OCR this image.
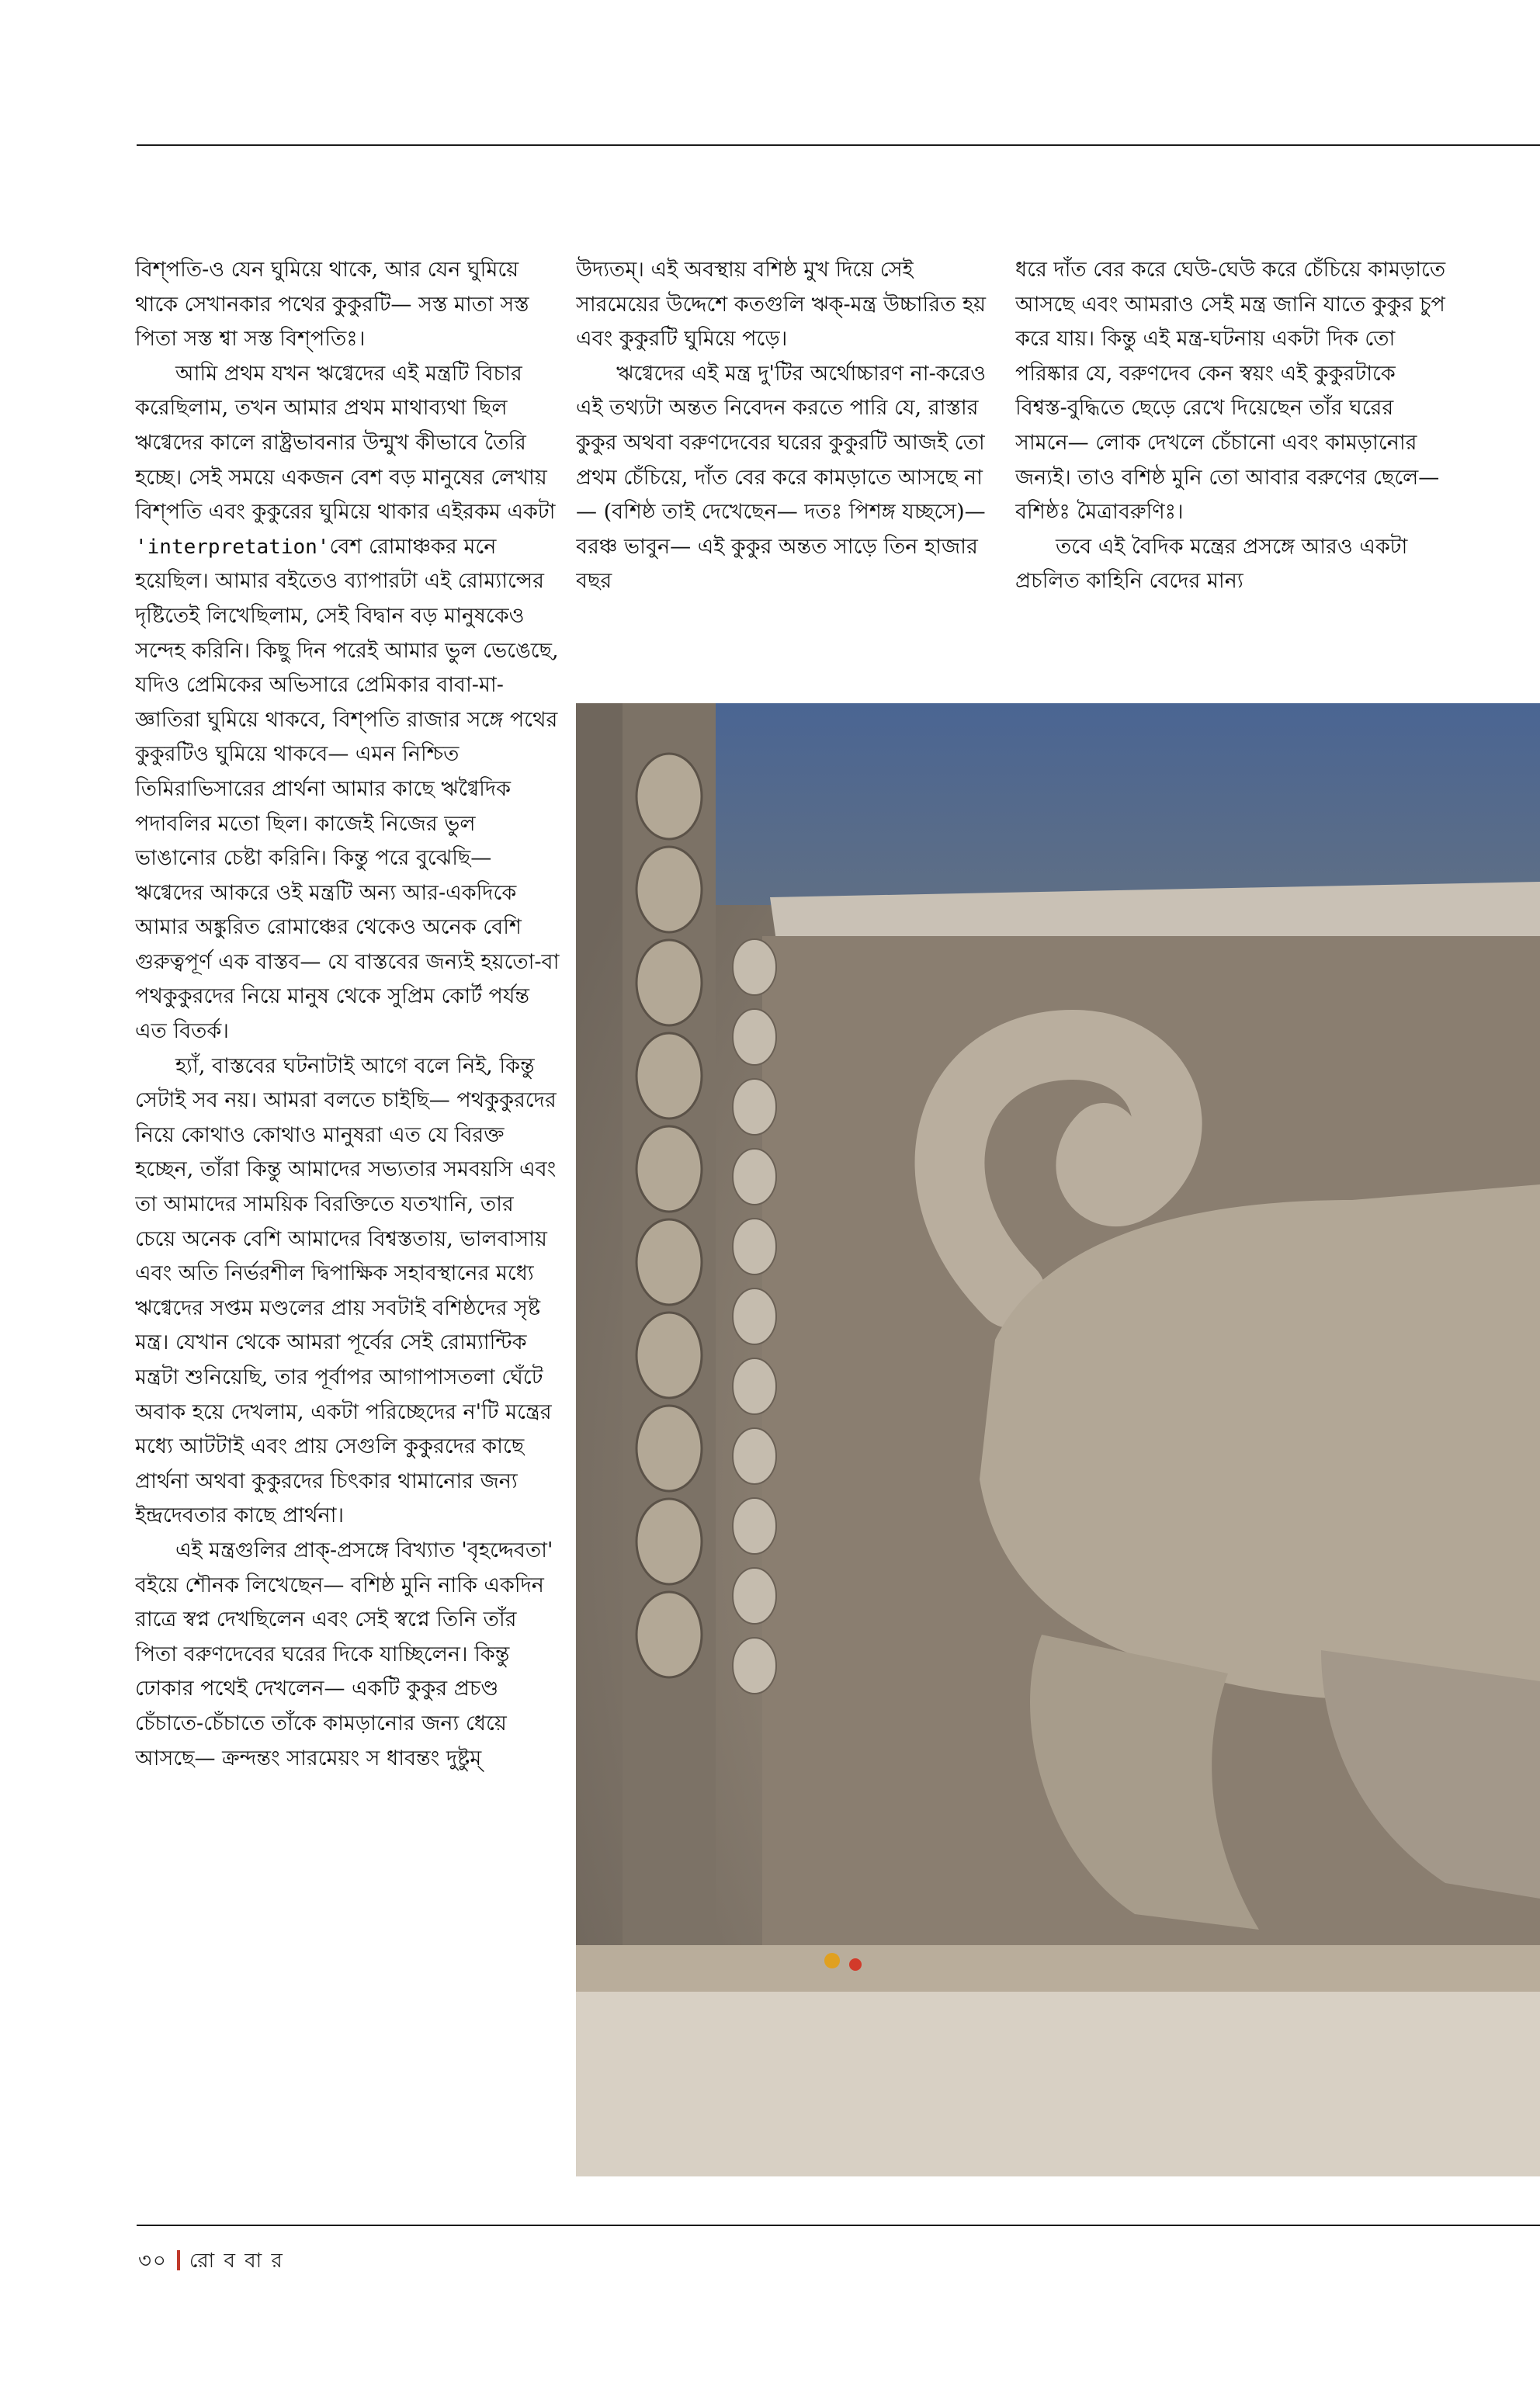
বিশ্পতি-ও যেন ঘুমিয়ে থাকে, আর যেন ঘুমিয়ে থাকে সেখানকার পথের কুকুরটি— সস্ত মাতা সস্ত পিতা সস্ত শ্বা সস্ত বিশ্পতিঃ।

আমি প্রথম যখন ঋগ্বেদের এই মন্ত্রটি বিচার করেছিলাম, তখন আমার প্রথম মাথাব্যথা ছিল ঋগ্বেদের কালে রাষ্ট্রভাবনার উন্মুখ কীভাবে তৈরি হচ্ছে। সেই সময়ে একজন বেশ বড় মানুষের লেখায় বিশ্পতি এবং কুকুরের ঘুমিয়ে থাকার এইরকম একটা 'interpretation'বেশ রোমাঞ্চকর মনে হয়েছিল। আমার বইতেও ব্যাপারটা এই রোম্যান্সের দৃষ্টিতেই লিখেছিলাম, সেই বিদ্বান বড় মানুষকেও সন্দেহ করিনি। কিছু দিন পরেই আমার ভুল ভেঙেছে, যদিও প্রেমিকের অভিসারে প্রেমিকার বাবা-মা-জ্ঞাতিরা ঘুমিয়ে থাকবে, বিশ্পতি রাজার সঙ্গে পথের কুকুরটিও ঘুমিয়ে থাকবে— এমন নিশ্চিত তিমিরাভিসারের প্রার্থনা আমার কাছে ঋগ্বৈদিক পদাবলির মতো ছিল। কাজেই নিজের ভুল ভাঙানোর চেষ্টা করিনি। কিন্তু পরে বুঝেছি— ঋগ্বেদের আকরে ওই মন্ত্রটি অন্য আর-একদিকে আমার অঙ্কুরিত রোমাঞ্চের থেকেও অনেক বেশি গুরুত্বপূর্ণ এক বাস্তব— যে বাস্তবের জন্যই হয়তো-বা পথকুকুরদের নিয়ে মানুষ থেকে সুপ্রিম কোর্ট পর্যন্ত এত বিতর্ক।

হ্যাঁ, বাস্তবের ঘটনাটাই আগে বলে নিই, কিন্তু সেটাই সব নয়। আমরা বলতে চাইছি— পথকুকুরদের নিয়ে কোথাও কোথাও মানুষরা এত যে বিরক্ত হচ্ছেন, তাঁরা কিন্তু আমাদের সভ্যতার সমবয়সি এবং তা আমাদের সাময়িক বিরক্তিতে যতখানি, তার চেয়ে অনেক বেশি আমাদের বিশ্বস্ততায়, ভালবাসায় এবং অতি নির্ভরশীল দ্বিপাক্ষিক সহাবস্থানের মধ্যে ঋগ্বেদের সপ্তম মণ্ডলের প্রায় সবটাই বশিষ্ঠদের সৃষ্ট মন্ত্র। যেখান থেকে আমরা পূর্বের সেই রোম্যান্টিক মন্ত্রটা শুনিয়েছি, তার পূর্বাপর আগাপাসতলা ঘেঁটে অবাক হয়ে দেখলাম, একটা পরিচ্ছেদের ন'টি মন্ত্রের মধ্যে আটটাই এবং প্রায় সেগুলি কুকুরদের কাছে প্রার্থনা অথবা কুকুরদের চিৎকার থামানোর জন্য ইন্দ্রদেবতার কাছে প্রার্থনা।

এই মন্ত্রগুলির প্রাক্-প্রসঙ্গে বিখ্যাত 'বৃহদ্দেবতা' বইয়ে শৌনক লিখেছেন— বশিষ্ঠ মুনি নাকি একদিন রাত্রে স্বপ্ন দেখছিলেন এবং সেই স্বপ্নে তিনি তাঁর পিতা বরুণদেবের ঘরের দিকে যাচ্ছিলেন। কিন্তু ঢোকার পথেই দেখলেন— একটি কুকুর প্রচণ্ড চেঁচাতে-চেঁচাতে তাঁকে কামড়ানোর জন্য ধেয়ে আসছে— ক্রন্দন্তং সারমেয়ং স ধাবন্তং দুষ্টুম্

উদ্যতম্। এই অবস্থায় বশিষ্ঠ মুখ দিয়ে সেই সারমেয়ের উদ্দেশে কতগুলি ঋক্-মন্ত্র উচ্চারিত হয় এবং কুকুরটি ঘুমিয়ে পড়ে।

ঋগ্বেদের এই মন্ত্র দু'টির অর্থোচ্চারণ না-করেও এই তথ্যটা অন্তত নিবেদন করতে পারি যে, রাস্তার কুকুর অথবা বরুণদেবের ঘরের কুকুরটি আজই তো প্রথম চেঁচিয়ে, দাঁত বের করে কামড়াতে আসছে না— (বশিষ্ঠ তাই দেখেছেন— দতঃ পিশঙ্গ যচ্ছসে)— বরঞ্চ ভাবুন— এই কুকুর অন্তত সাড়ে তিন হাজার বছর

ধরে দাঁত বের করে ঘেউ-ঘেউ করে চেঁচিয়ে কামড়াতে আসছে এবং আমরাও সেই মন্ত্র জানি যাতে কুকুর চুপ করে যায়। কিন্তু এই মন্ত্র-ঘটনায় একটা দিক তো পরিষ্কার যে, বরুণদেব কেন স্বয়ং এই কুকুরটাকে বিশ্বস্ত-বুদ্ধিতে ছেড়ে রেখে দিয়েছেন তাঁর ঘরের সামনে— লোক দেখলে চেঁচানো এবং কামড়ানোর জন্যই। তাও বশিষ্ঠ মুনি তো আবার বরুণের ছেলে— বশিষ্ঠঃ মৈত্রাবরুণিঃ।

তবে এই বৈদিক মন্ত্রের প্রসঙ্গে আরও একটা প্রচলিত কাহিনি বেদের মান্য

৩০ রো ব বা র
